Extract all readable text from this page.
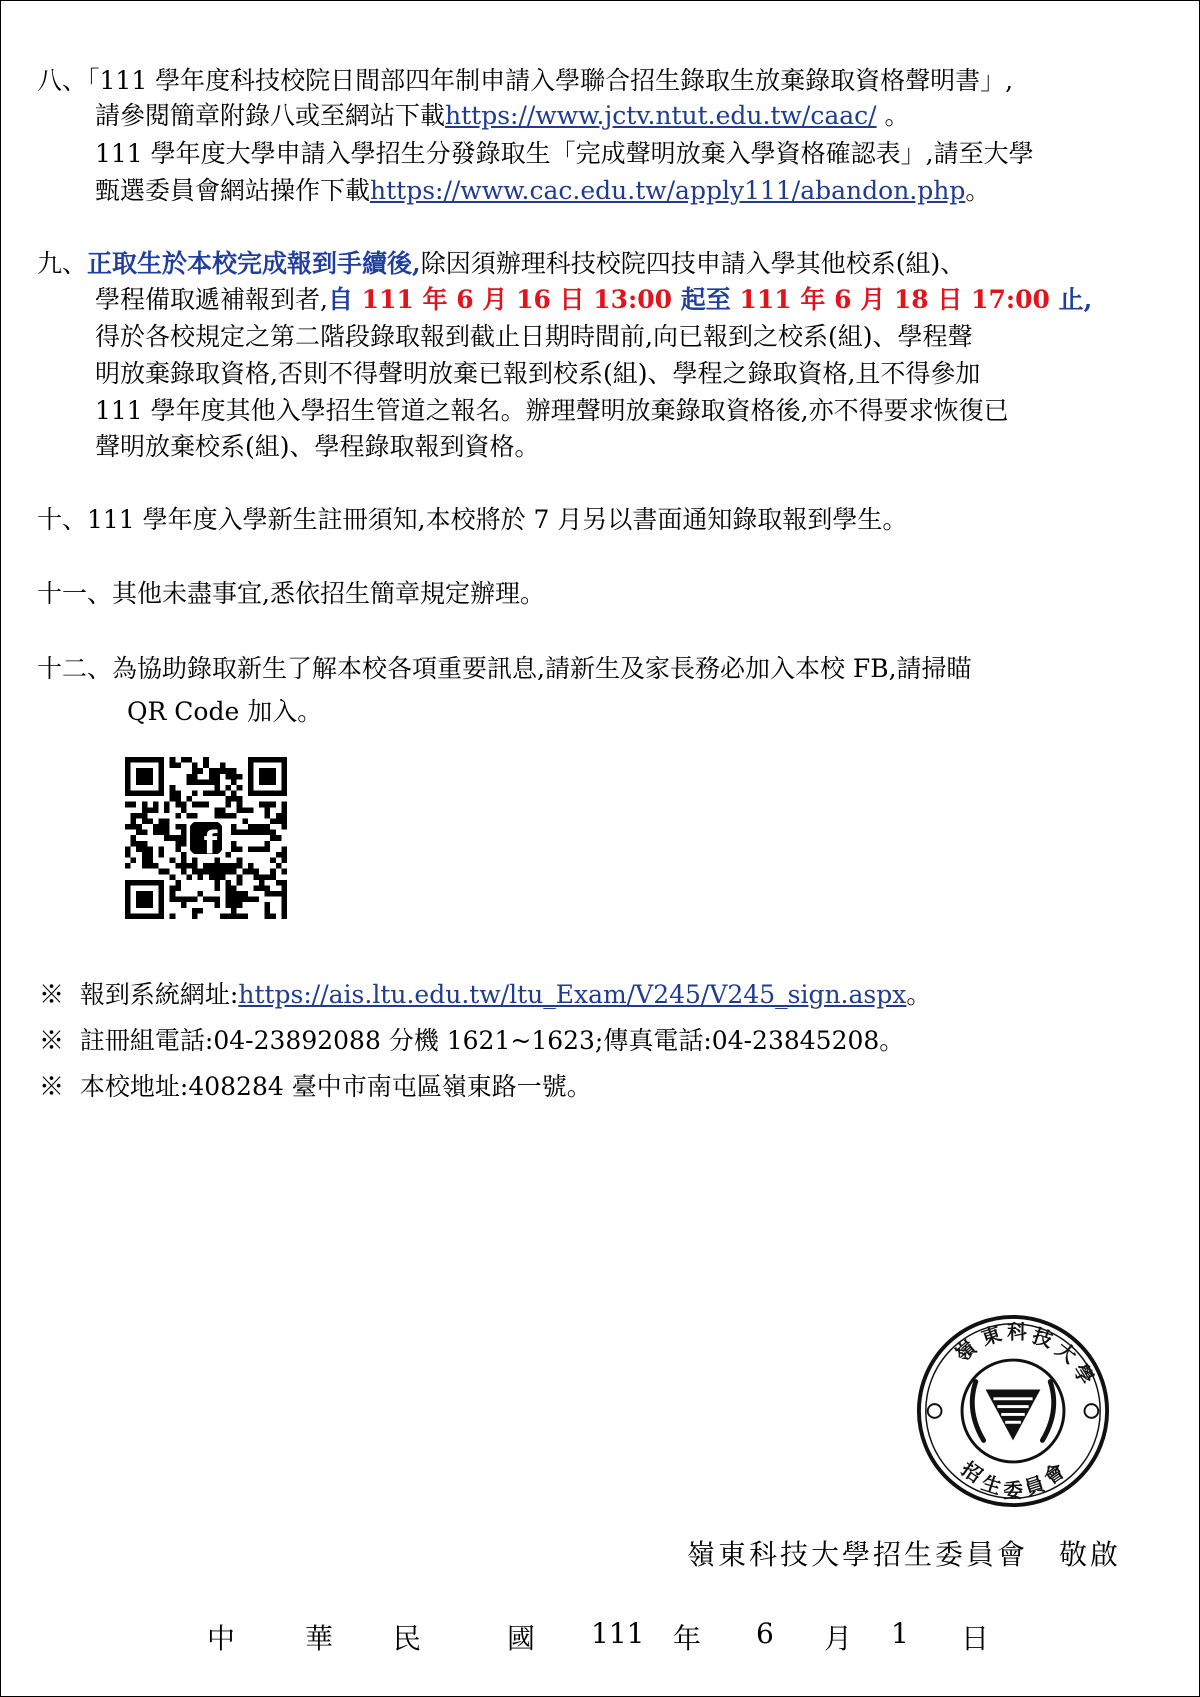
八、「111 學年度科技校院日間部四年制申請入學聯合招生錄取生放棄錄取資格聲明書」,
請參閱簡章附錄八或至網站下載https://www.jctv.ntut.edu.tw/caac/ 。
111 學年度大學申請入學招生分發錄取生「完成聲明放棄入學資格確認表」,請至大學
甄選委員會網站操作下載https://www.cac.edu.tw/apply111/abandon.php。
九、正取生於本校完成報到手續後,除因須辦理科技校院四技申請入學其他校系(組)、
學程備取遞補報到者,自 111 年 6 月 16 日 13:00 起至 111 年 6 月 18 日 17:00 止,
得於各校規定之第二階段錄取報到截止日期時間前,向已報到之校系(組)、學程聲
明放棄錄取資格,否則不得聲明放棄已報到校系(組)、學程之錄取資格,且不得參加
111 學年度其他入學招生管道之報名。辦理聲明放棄錄取資格後,亦不得要求恢復已
聲明放棄校系(組)、學程錄取報到資格。
十、111 學年度入學新生註冊須知,本校將於 7 月另以書面通知錄取報到學生。
十一、其他未盡事宜,悉依招生簡章規定辦理。
十二、為協助錄取新生了解本校各項重要訊息,請新生及家長務必加入本校 FB,請掃瞄
QR Code 加入。
f
※ 報到系統網址:https://ais.ltu.edu.tw/ltu_Exam/V245/V245_sign.aspx。
※ 註冊組電話:04-23892088 分機 1621~1623;傳真電話:04-23845208。
※ 本校地址:408284 臺中市南屯區嶺東路一號。
嶺
東 科 技
大
學
招
生
委
員
會
嶺東科技大學招生委員會　敬啟
中 華 民	國 111 年 6 月 1 日
